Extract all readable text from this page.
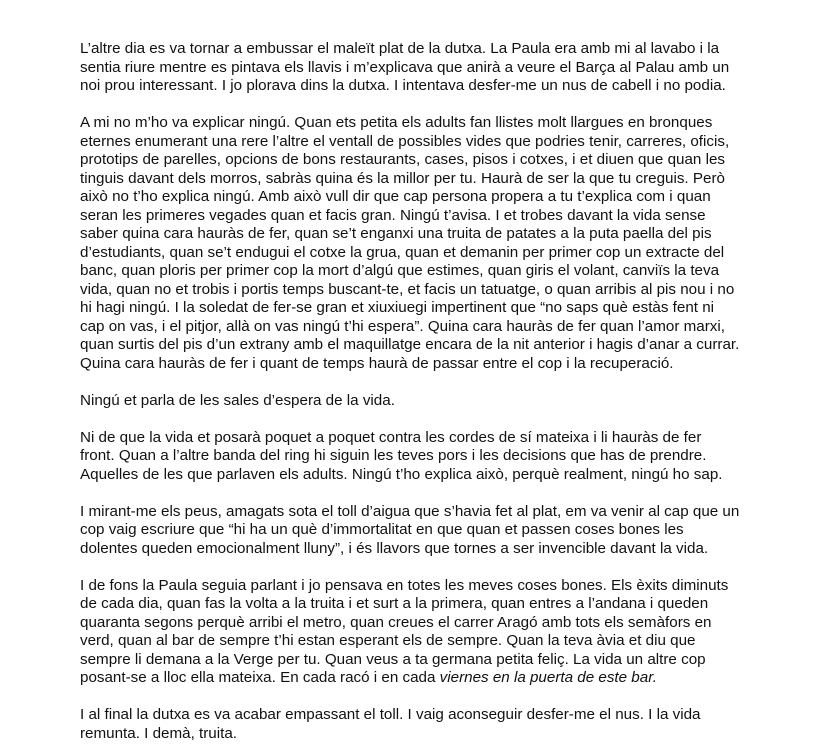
L’altre dia es va tornar a embussar el maleït plat de la dutxa. La Paula era amb mi al lavabo i la
sentia riure mentre es pintava els llavis i m’explicava que anirà a veure el Barça al Palau amb un
noi prou interessant. I jo plorava dins la dutxa. I intentava desfer-me un nus de cabell i no podia.

A mi no m’ho va explicar ningú. Quan ets petita els adults fan llistes molt llargues en bronques
eternes enumerant una rere l’altre el ventall de possibles vides que podries tenir, carreres, oficis,
prototips de parelles, opcions de bons restaurants, cases, pisos i cotxes, i et diuen que quan les
tinguis davant dels morros, sabràs quina és la millor per tu. Haurà de ser la que tu creguis. Però
això no t’ho explica ningú. Amb això vull dir que cap persona propera a tu t’explica com i quan
seran les primeres vegades quan et facis gran. Ningú t’avisa. I et trobes davant la vida sense
saber quina cara hauràs de fer, quan se’t enganxi una truita de patates a la puta paella del pis
d’estudiants, quan se’t endugui el cotxe la grua, quan et demanin per primer cop un extracte del
banc, quan ploris per primer cop la mort d’algú que estimes, quan giris el volant, canviïs la teva
vida, quan no et trobis i portis temps buscant-te, et facis un tatuatge, o quan arribis al pis nou i no
hi hagi ningú. I la soledat de fer-se gran et xiuxiuegi impertinent que “no saps què estàs fent ni
cap on vas, i el pitjor, allà on vas ningú t’hi espera”. Quina cara hauràs de fer quan l’amor marxi,
quan surtis del pis d’un extrany amb el maquillatge encara de la nit anterior i hagis d’anar a currar.
Quina cara hauràs de fer i quant de temps haurà de passar entre el cop i la recuperació.

Ningú et parla de les sales d’espera de la vida.

Ni de que la vida et posarà poquet a poquet contra les cordes de sí mateixa i li hauràs de fer
front. Quan a l’altre banda del ring hi siguin les teves pors i les decisions que has de prendre.
Aquelles de les que parlaven els adults. Ningú t’ho explica això, perquè realment, ningú ho sap.

I mirant-me els peus, amagats sota el toll d’aigua que s’havia fet al plat, em va venir al cap que un
cop vaig escriure que “hi ha un què d’immortalitat en que quan et passen coses bones les
dolentes queden emocionalment lluny”, i és llavors que tornes a ser invencible davant la vida.

I de fons la Paula seguia parlant i jo pensava en totes les meves coses bones. Els èxits diminuts
de cada dia, quan fas la volta a la truita i et surt a la primera, quan entres a l’andana i queden
quaranta segons perquè arribi el metro, quan creues el carrer Aragó amb tots els semàfors en
verd, quan al bar de sempre t’hi estan esperant els de sempre. Quan la teva àvia et diu que
sempre li demana a la Verge per tu. Quan veus a ta germana petita feliç. La vida un altre cop
posant-se a lloc ella mateixa. En cada racó i en cada viernes en la puerta de este bar.

I al final la dutxa es va acabar empassant el toll. I vaig aconseguir desfer-me el nus. I la vida
remunta. I demà, truita.
